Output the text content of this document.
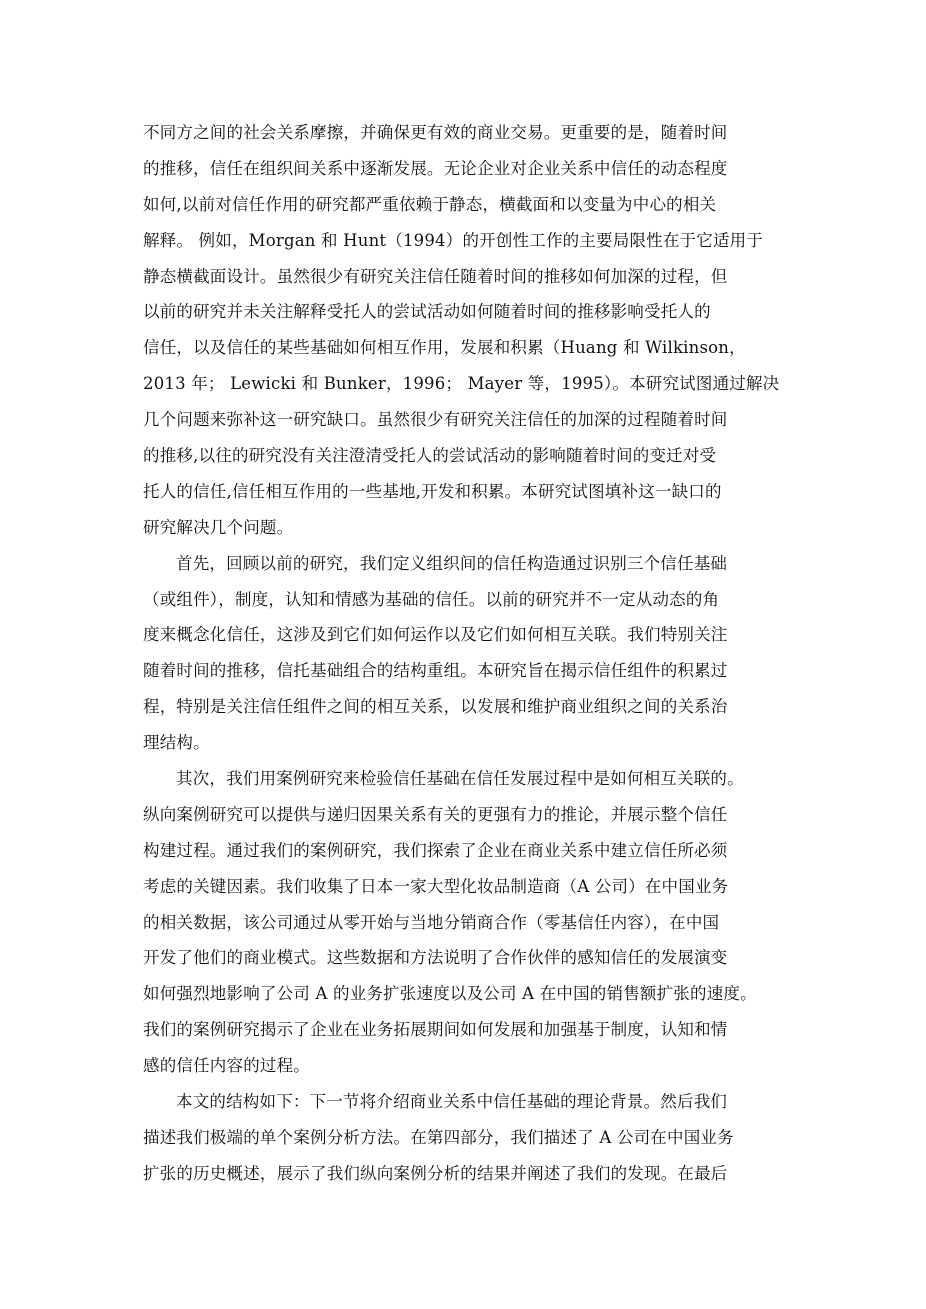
不同方之间的社会关系摩擦，并确保更有效的商业交易。更重要的是，随着时间
的推移，信任在组织间关系中逐渐发展。无论企业对企业关系中信任的动态程度
如何,以前对信任作用的研究都严重依赖于静态，横截面和以变量为中心的相关
解释。 例如，Morgan 和 Hunt（1994）的开创性工作的主要局限性在于它适用于
静态横截面设计。虽然很少有研究关注信任随着时间的推移如何加深的过程，但
以前的研究并未关注解释受托人的尝试活动如何随着时间的推移影响受托人的
信任，以及信任的某些基础如何相互作用，发展和积累（Huang 和 Wilkinson，
2013 年； Lewicki 和 Bunker，1996； Mayer 等，1995）。本研究试图通过解决
几个问题来弥补这一研究缺口。虽然很少有研究关注信任的加深的过程随着时间
的推移,以往的研究没有关注澄清受托人的尝试活动的影响随着时间的变迁对受
托人的信任,信任相互作用的一些基地,开发和积累。本研究试图填补这一缺口的
研究解决几个问题。
首先，回顾以前的研究，我们定义组织间的信任构造通过识别三个信任基础
（或组件），制度，认知和情感为基础的信任。以前的研究并不一定从动态的角
度来概念化信任，这涉及到它们如何运作以及它们如何相互关联。我们特别关注
随着时间的推移，信托基础组合的结构重组。本研究旨在揭示信任组件的积累过
程，特别是关注信任组件之间的相互关系，以发展和维护商业组织之间的关系治
理结构。
其次，我们用案例研究来检验信任基础在信任发展过程中是如何相互关联的。
纵向案例研究可以提供与递归因果关系有关的更强有力的推论，并展示整个信任
构建过程。通过我们的案例研究，我们探索了企业在商业关系中建立信任所必须
考虑的关键因素。我们收集了日本一家大型化妆品制造商（A 公司）在中国业务
的相关数据，该公司通过从零开始与当地分销商合作（零基信任内容），在中国
开发了他们的商业模式。这些数据和方法说明了合作伙伴的感知信任的发展演变
如何强烈地影响了公司 A 的业务扩张速度以及公司 A 在中国的销售额扩张的速度。
我们的案例研究揭示了企业在业务拓展期间如何发展和加强基于制度，认知和情
感的信任内容的过程。
本文的结构如下：下一节将介绍商业关系中信任基础的理论背景。然后我们
描述我们极端的单个案例分析方法。在第四部分，我们描述了 A 公司在中国业务
扩张的历史概述，展示了我们纵向案例分析的结果并阐述了我们的发现。在最后
